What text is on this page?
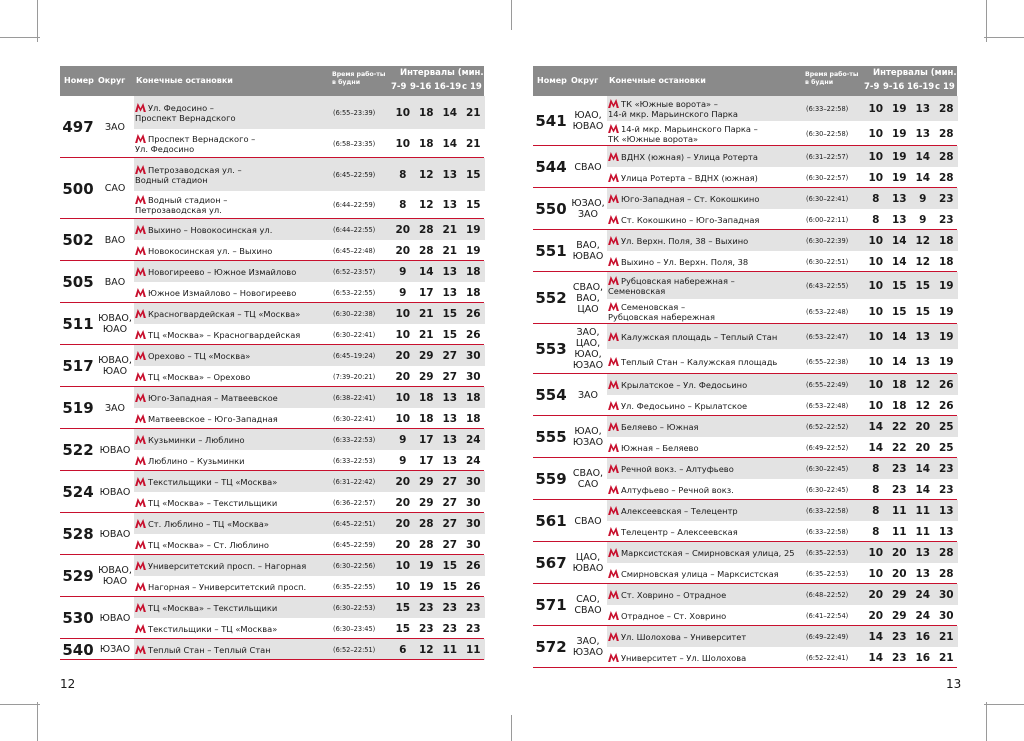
Номер Округ Конечные остановки
Время рабо-ты в будни
Интервалы (мин.)
7-9 9-16 16-19 с 19
497	ЗАО
Ул. Федосино –
Проспект Вернадского	(6:55–23:39)	10 18 14 21
Проспект Вернадского –
Ул. Федосино	(6:58–23:35)	10 18 14 21
500	САО
Петрозаводская ул. –
Водный стадион	(6:45–22:59)	8	12 13 15
Водный стадион –
Петрозаводская ул.	(6:44–22:59)	8	12 13 15
502	ВАО
Выхино – Новокосинская ул.	(6:44–22:55)	20 28 21 19
Новокосинская ул. – Выхино	(6:45–22:48)	20 28 21 19
505	ВАО
Новогиреево – Южное Измайлово	(6:52–23:57)	9	14 13 18
Южное Измайлово – Новогиреево	(6:53–22:55)	9	17 13 18
511 ЮВАО, ЮАО
Красногвардейская – ТЦ «Москва»	(6:30–22:38)	10 21 15 26
ТЦ «Москва» – Красногвардейская	(6:30–22:41)	10 21 15 26
517 ЮВАО, ЮАО
Орехово – ТЦ «Москва»	(6:45–19:24)	20 29 27 30
ТЦ «Москва» – Орехово	(7:39–20:21)	20 29 27 30
519	ЗАО
Юго-Западная – Матвеевское	(6:38–22:41)	10 18 13 18
Матвеевское – Юго-Западная	(6:30–22:41)	10 18 13 18
522 ЮВАО
Кузьминки – Люблино	(6:33–22:53)	9	17 13 24
Люблино – Кузьминки	(6:33–22:53)	9	17 13 24
524 ЮВАО
Текстильщики – ТЦ «Москва»	(6:31–22:42)	20 29 27 30
ТЦ «Москва» – Текстильщики	(6:36–22:57)	20 29 27 30
528 ЮВАО
Ст. Люблино – ТЦ «Москва»	(6:45–22:51)	20 28 27 30
ТЦ «Москва» – Ст. Люблино	(6:45–22:59)	20 28 27 30
529 ЮВАО, ЮАО
Университетский просп. – Нагорная	(6:30–22:56)	10 19 15 26
Нагорная – Университетский просп.	(6:35–22:55)	10 19 15 26
530 ЮВАО
ТЦ «Москва» – Текстильщики	(6:30–22:53)	15 23 23 23
Текстильщики – ТЦ «Москва»	(6:30–23:45)	15 23 23 23
540 ЮЗАО	Теплый Стан – Теплый Стан	(6:52–22:51)	6	12 11 11
Номер Округ Конечные остановки
Время рабо-ты в будни
Интервалы (мин.)
7-9 9-16 16-19 с 19
541 ЮАО, ЮВАО
ТК «Южные ворота» –
14-й мкр. Марьинского Парка	(6:33–22:58)	10 19 13 28
14-й мкр. Марьинского Парка –
ТК «Южные ворота»	(6:30–22:58)	10 19 13 28
544 СВАО
ВДНХ (южная) – Улица Ротерта	(6:31–22:57)	10 19 14 28
Улица Ротерта – ВДНХ (южная)	(6:30–22:57)	10 19 14 28
550 ЮЗАО, ЗАО
Юго-Западная – Ст. Кокошкино	(6:30–22:41)	8	13	9	23
Ст. Кокошкино – Юго-Западная	(6:00–22:11)	8	13	9	23
551	ВАО, ЮВАО
Ул. Верхн. Поля, 38 – Выхино	(6:30–22:39)	10 14 12 18
Выхино – Ул. Верхн. Поля, 38	(6:30–22:51)	10 14 12 18
552
СВАО, ВАО, ЦАО
Рубцовская набережная –
Семеновская	(6:43–22:55)	10 15 15 19
Семеновская –
Рубцовская набережная	(6:53–22:48)	10 15 15 19
553
ЗАО, ЦАО, ЮАО, ЮЗАО
Калужская площадь – Теплый Стан	(6:53–22:47)	10 14 13 19
Теплый Стан – Калужская площадь	(6:55–22:38)	10 14 13 19
554	ЗАО
Крылатское – Ул. Федосьино	(6:55–22:49)	10 18 12 26
Ул. Федосьино – Крылатское	(6:53–22:48)	10 18 12 26
555 ЮАО, ЮЗАО
Беляево – Южная	(6:52–22:52)	14 22 20 25
Южная – Беляево	(6:49–22:52)	14 22 20 25
559 СВАО, САО
Речной вокз. – Алтуфьево	(6:30–22:45)	8	23 14 23
Алтуфьево – Речной вокз.	(6:30–22:45)	8	23 14 23
561 СВАО
Алексеевская – Телецентр	(6:33–22:58)	8	11 11 13
Телецентр – Алексеевская	(6:33–22:58)	8	11 11 13
567 ЦАО, ЮВАО
Марксистская – Смирновская улица, 25	(6:35–22:53)	10 20 13 28
Смирновская улица – Марксистская	(6:35–22:53)	10 20 13 28
571	САО, СВАО
Ст. Ховрино – Отрадное	(6:48–22:52)	20 29 24 30
Отрадное – Ст. Ховрино	(6:41–22:54)	20 29 24 30
572	ЗАО, ЮЗАО
Ул. Шолохова – Университет	(6:49–22:49)	14 23 16 21
Университет – Ул. Шолохова	(6:52–22:41)	14 23 16 21
12	13
